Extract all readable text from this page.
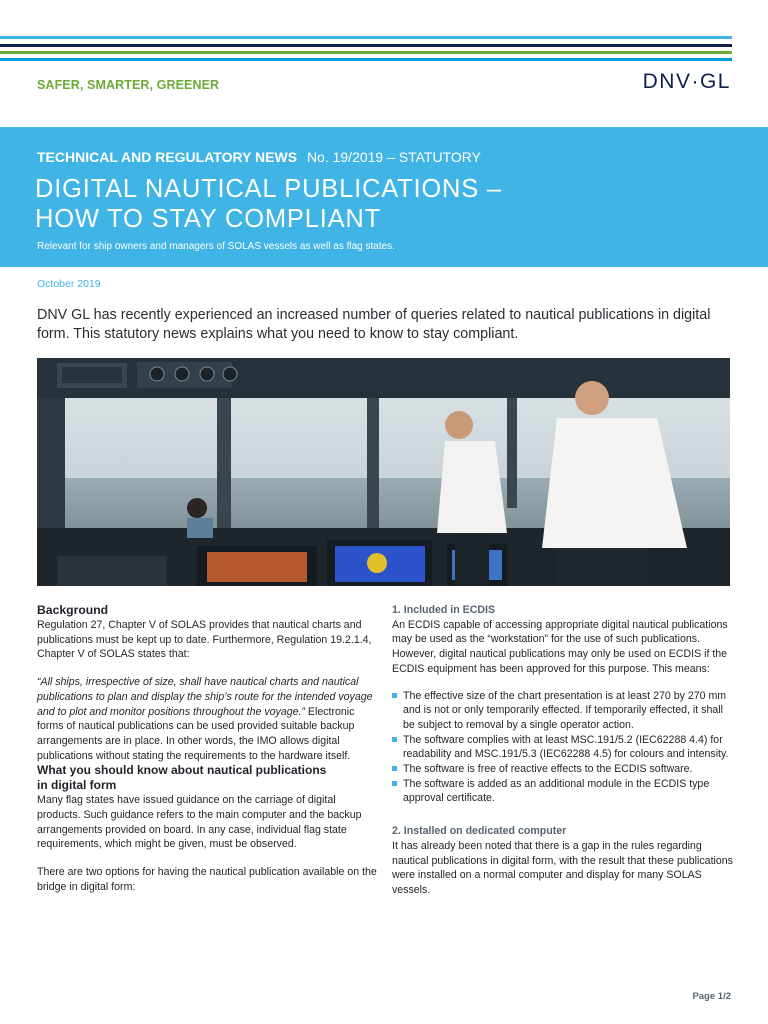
SAFER, SMARTER, GREENER	DNV·GL

TECHNICAL AND REGULATORY NEWS No. 19/2019 – STATUTORY
DIGITAL NAUTICAL PUBLICATIONS –
HOW TO STAY COMPLIANT
Relevant for ship owners and managers of SOLAS vessels as well as flag states.
October 2019

DNV GL has recently experienced an increased number of queries related to nautical publications in digital form. This statutory news explains what you need to know to stay compliant.

Background

Regulation 27, Chapter V of SOLAS provides that nautical charts and publications must be kept up to date. Furthermore, Regulation 19.2.1.4, Chapter V of SOLAS states that:

“All ships, irrespective of size, shall have nautical charts and nautical publications to plan and display the ship’s route for the intended voyage and to plot and monitor positions throughout the voyage.” Electronic forms of nautical publications can be used provided suitable backup arrangements are in place. In other words, the IMO allows digital publications without stating the requirements to the hardware itself.

What you should know about nautical publications
in digital form

Many flag states have issued guidance on the carriage of digital products. Such guidance refers to the main computer and the backup arrangements provided on board. In any case, individual flag state requirements, which might be given, must be observed.

There are two options for having the nautical publication available on the bridge in digital form:

1. Included in ECDIS

An ECDIS capable of accessing appropriate digital nautical publications may be used as the “workstation” for the use of such publications. However, digital nautical publications may only be used on ECDIS if the ECDIS equipment has been approved for this purpose. This means:

The effective size of the chart presentation is at least 270 by 270 mm and is not or only temporarily effected. If temporarily effected, it shall be subject to removal by a single operator action.
The software complies with at least MSC.191/5.2 (IEC62288 4.4) for readability and MSC.191/5.3 (IEC62288 4.5) for colours and intensity.
The software is free of reactive effects to the ECDIS software.
The software is added as an additional module in the ECDIS type approval certificate.

2. Installed on dedicated computer

It has already been noted that there is a gap in the rules regarding nautical publications in digital form, with the result that these publications were installed on a normal computer and display for many SOLAS vessels.

Page 1/2
